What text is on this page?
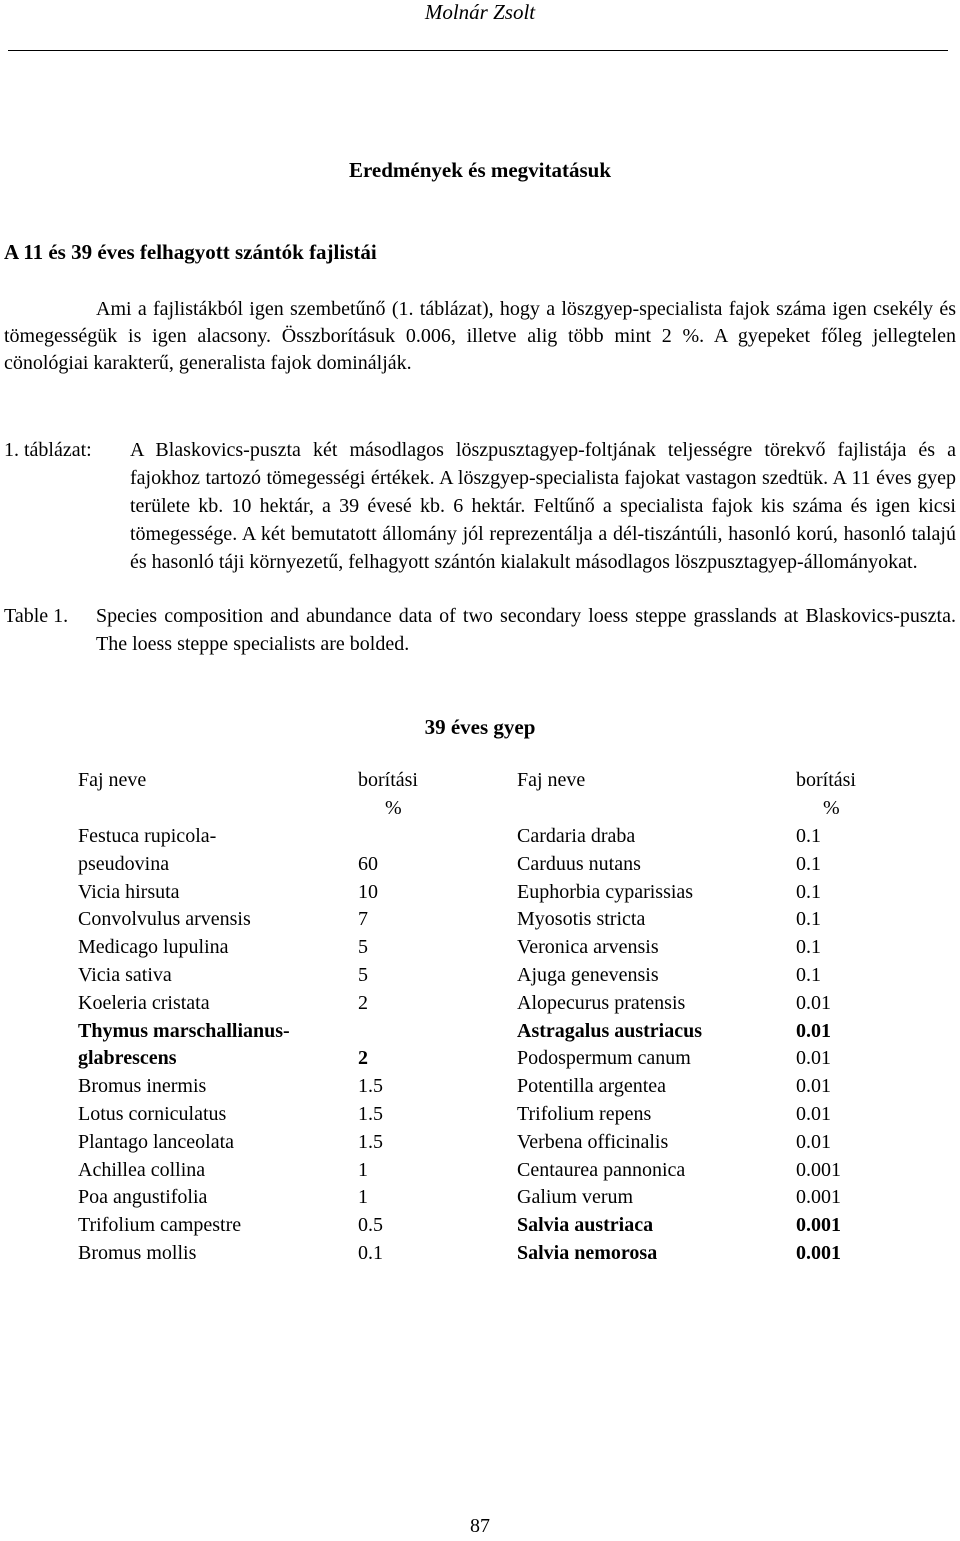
Molnár Zsolt
Eredmények és megvitatásuk
A 11 és 39 éves felhagyott szántók fajlistái
Ami a fajlistákból igen szembetűnő (1. táblázat), hogy a löszgyep-specialista fajok száma igen csekély és tömegességük is igen alacsony. Összborításuk 0.006, illetve alig több mint 2 %. A gyepeket főleg jellegtelen cönológiai karakterű, generalista fajok dominálják.
1. táblázat: A Blaskovics-puszta két másodlagos löszpusztagyep-foltjának teljességre törekvő fajlistája és a fajokhoz tartozó tömegességi értékek. A löszgyep-specialista fajokat vastagon szedtük. A 11 éves gyep területe kb. 10 hektár, a 39 évesé kb. 6 hektár. Feltűnő a specialista fajok kis száma és igen kicsi tömegessége. A két bemutatott állomány jól reprezentálja a dél-tiszántúli, hasonló korú, hasonló talajú és hasonló táji környezetű, felhagyott szántón kialakult másodlagos löszpusztagyep-állományokat.
Table 1. Species composition and abundance data of two secondary loess steppe grasslands at Blaskovics-puszta. The loess steppe specialists are bolded.
39 éves gyep
Faj neve	borítási	Faj neve	borítási
%	%
Festuca rupicola-	Cardaria draba	0.1
pseudovina	60	Carduus nutans	0.1
Vicia hirsuta	10	Euphorbia cyparissias	0.1
Convolvulus arvensis	7	Myosotis stricta	0.1
Medicago lupulina	5	Veronica arvensis	0.1
Vicia sativa	5	Ajuga genevensis	0.1
Koeleria cristata	2	Alopecurus pratensis	0.01
Thymus marschallianus-	Astragalus austriacus	0.01
glabrescens	2	Podospermum canum	0.01
Bromus inermis	1.5	Potentilla argentea	0.01
Lotus corniculatus	1.5	Trifolium repens	0.01
Plantago lanceolata	1.5	Verbena officinalis	0.01
Achillea collina	1	Centaurea pannonica	0.001
Poa angustifolia	1	Galium verum	0.001
Trifolium campestre	0.5	Salvia austriaca	0.001
Bromus mollis	0.1	Salvia nemorosa	0.001
87
